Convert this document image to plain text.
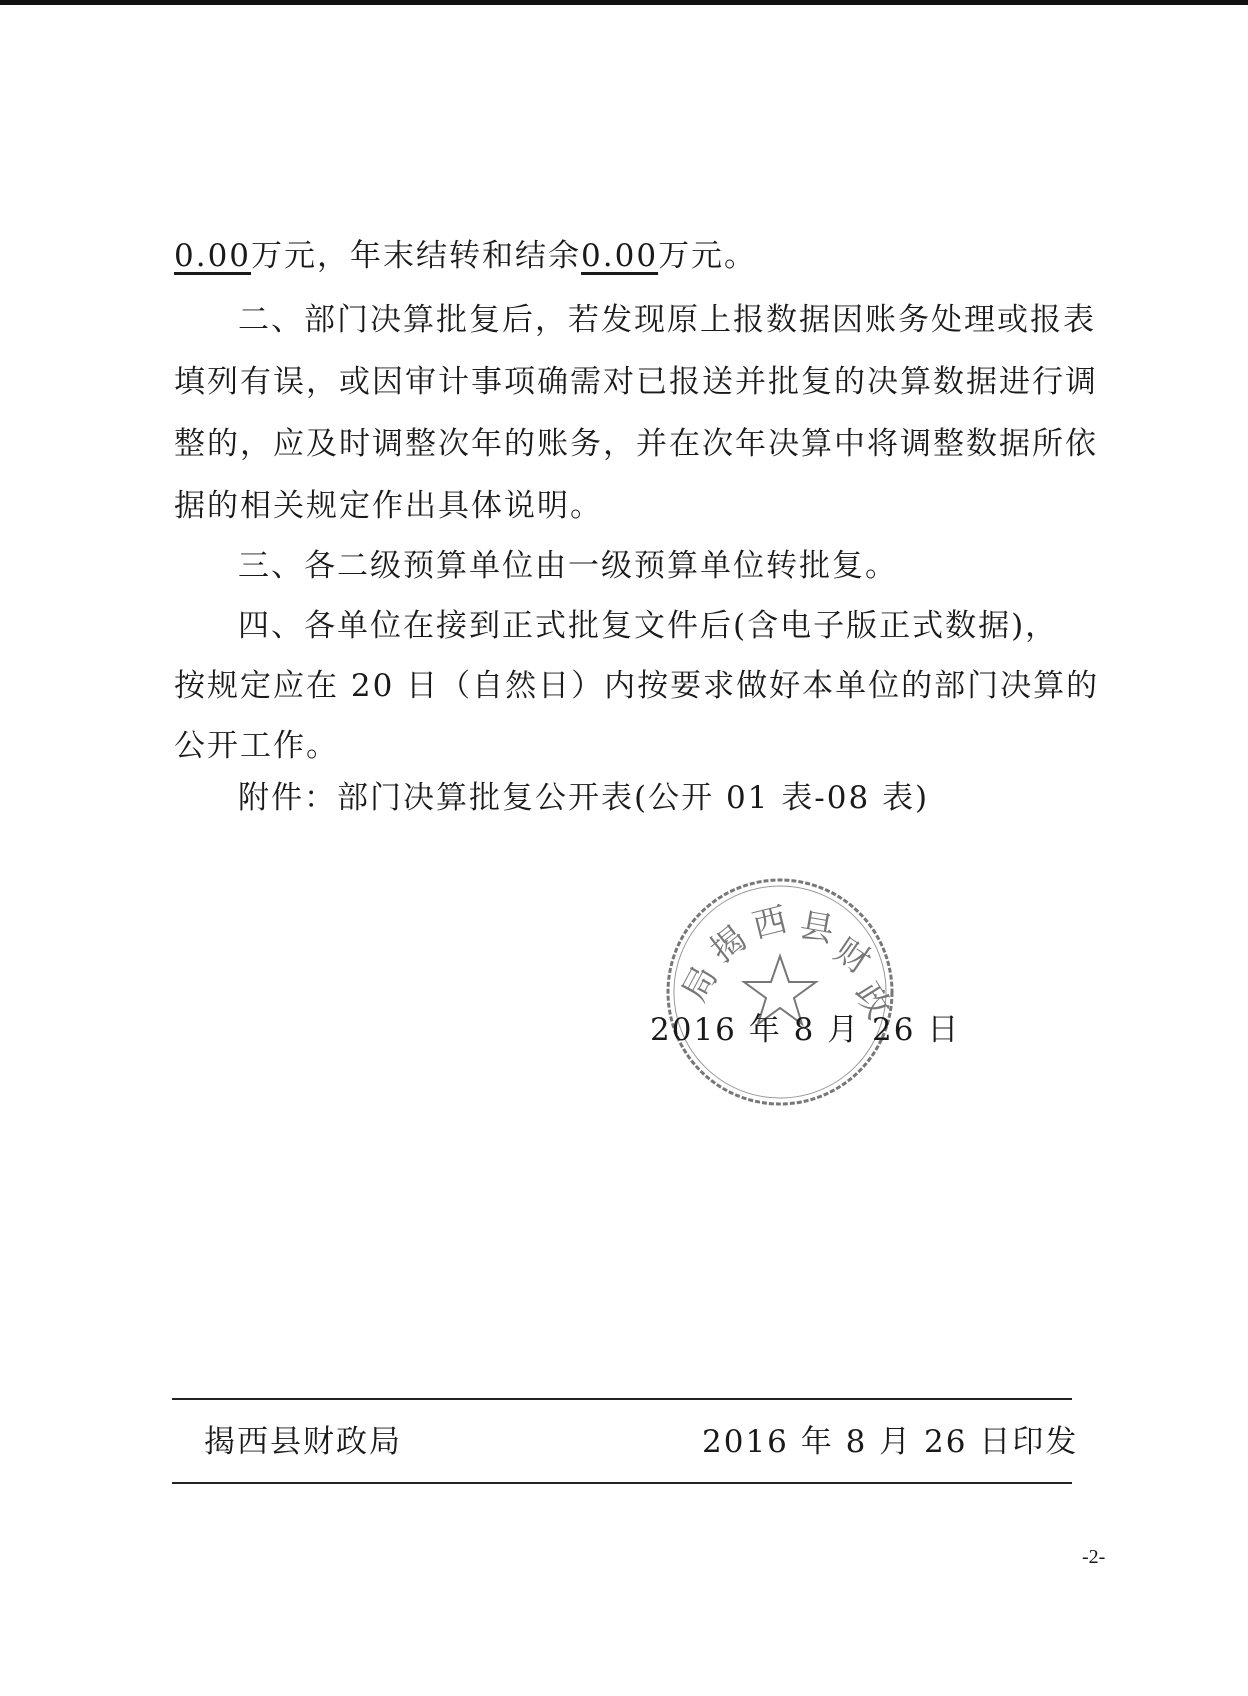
0.00万元，年末结转和结余0.00万元。
二、部门决算批复后，若发现原上报数据因账务处理或报表
填列有误，或因审计事项确需对已报送并批复的决算数据进行调
整的，应及时调整次年的账务，并在次年决算中将调整数据所依
据的相关规定作出具体说明。
三、各二级预算单位由一级预算单位转批复。
四、各单位在接到正式批复文件后(含电子版正式数据)，
按规定应在 20 日（自然日）内按要求做好本单位的部门决算的
公开工作。
附件：部门决算批复公开表(公开 01 表-08 表)
揭
西 县
财
政
局
2016 年 8 月 26 日
揭西县财政局	2016 年 8 月 26 日印发
-2-
